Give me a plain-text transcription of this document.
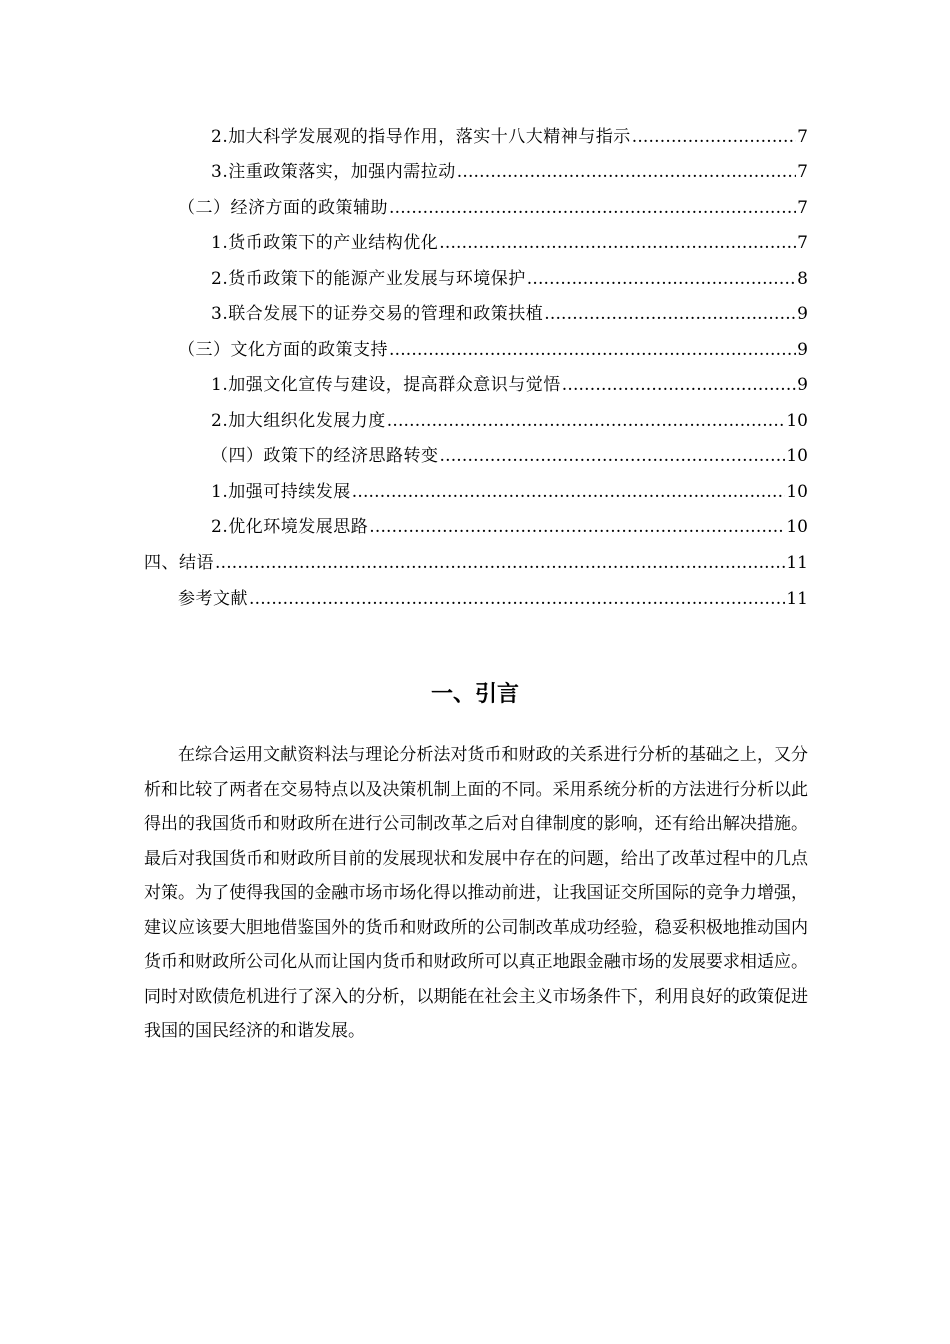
2.加大科学发展观的指导作用，落实十八大精神与指示 .....	7
3.注重政策落实，加强内需拉动 .....	7
（二）经济方面的政策辅助 .....	7
1.货币政策下的产业结构优化 .....	7
2.货币政策下的能源产业发展与环境保护 .....	8
3.联合发展下的证券交易的管理和政策扶植 .....	9
（三）文化方面的政策支持 .....	9
1.加强文化宣传与建设，提高群众意识与觉悟 .....	9
2.加大组织化发展力度 .....	10
（四）政策下的经济思路转变 .....	10
1.加强可持续发展 .....	10
2.优化环境发展思路 .....	10
四、结语 .....	11
参考文献 .....	11
一、引言

在综合运用文献资料法与理论分析法对货币和财政的关系进行分析的基础之上，又分析和比较了两者在交易特点以及决策机制上面的不同。采用系统分析的方法进行分析以此得出的我国货币和财政所在进行公司制改革之后对自律制度的影响，还有给出解决措施。最后对我国货币和财政所目前的发展现状和发展中存在的问题，给出了改革过程中的几点对策。为了使得我国的金融市场市场化得以推动前进，让我国证交所国际的竞争力增强，建议应该要大胆地借鉴国外的货币和财政所的公司制改革成功经验，稳妥积极地推动国内货币和财政所公司化从而让国内货币和财政所可以真正地跟金融市场的发展要求相适应。同时对欧债危机进行了深入的分析，以期能在社会主义市场条件下，利用良好的政策促进我国的国民经济的和谐发展。
